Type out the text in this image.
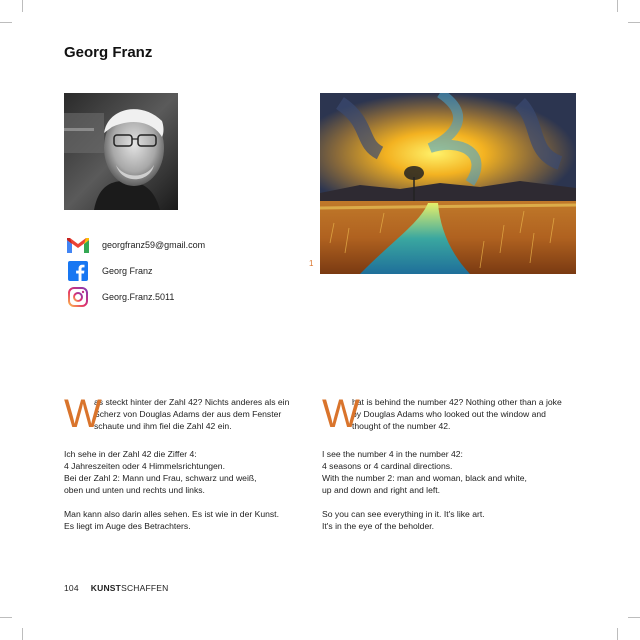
Georg Franz
1
georgfranz59@gmail.com
Georg Franz
Georg.Franz.5011
W
as steckt hinter der Zahl 42? Nichts anderes als ein Scherz von Douglas Adams der aus dem Fenster schaute und ihm fiel die Zahl 42 ein.

Ich sehe in der Zahl 42 die Ziffer 4:
4 Jahreszeiten oder 4 Himmelsrichtungen.
Bei der Zahl 2: Mann und Frau, schwarz und weiß,
oben und unten und rechts und links.

Man kann also darin alles sehen. Es ist wie in der Kunst.
Es liegt im Auge des Betrachters.

W
hat is behind the number 42? Nothing other than a joke by Douglas Adams who looked out the window and thought of the number 42.

I see the number 4 in the number 42:
4 seasons or 4 cardinal directions.
With the number 2: man and woman, black and white,
up and down and right and left.

So you can see everything in it. It's like art.
It's in the eye of the beholder.

104 KUNSTSCHAFFEN
